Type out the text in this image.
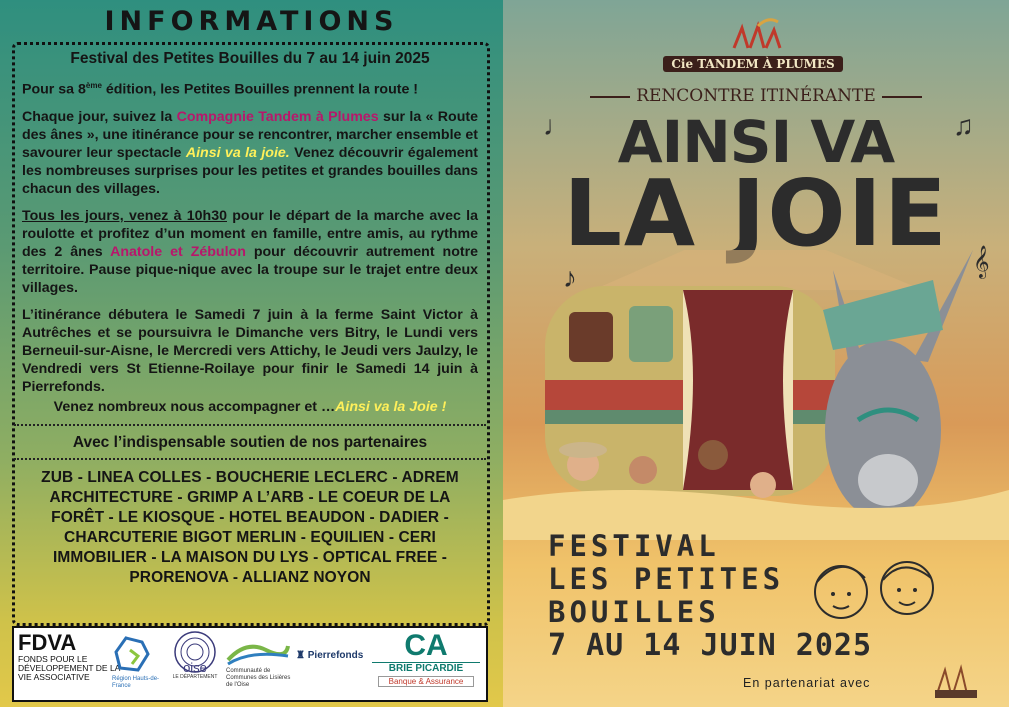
INFORMATIONS

Festival des Petites Bouilles du 7 au 14 juin 2025

Pour sa 8ème édition, les Petites Bouilles prennent la route !

Chaque jour, suivez la Compagnie Tandem à Plumes sur la « Route des ânes », une itinérance pour se rencontrer, marcher ensemble et savourer leur spectacle Ainsi va la joie. Venez découvrir également les nombreuses surprises pour les petites et grandes bouilles dans chacun des villages.

Tous les jours, venez à 10h30 pour le départ de la marche avec la roulotte et profitez d’un moment en famille, entre amis, au rythme des 2 ânes Anatole et Zébulon pour découvrir autrement notre territoire. Pause pique-nique avec la troupe sur le trajet entre deux villages.

L’itinérance débutera le Samedi 7 juin à la ferme Saint Victor à Autrêches et se poursuivra le Dimanche vers Bitry, le Lundi vers Berneuil-sur-Aisne, le Mercredi vers Attichy, le Jeudi vers Jaulzy, le Vendredi vers St Etienne-Roilaye pour finir le Samedi 14 juin à Pierrefonds.

Venez nombreux nous accompagner et …Ainsi va la Joie !

Avec l’indispensable soutien de nos partenaires

ZUB - LINEA COLLES - BOUCHERIE LECLERC - ADREM ARCHITECTURE - GRIMP A L’ARB - LE COEUR DE LA FORÊT - LE KIOSQUE - HOTEL BEAUDON - DADIER - CHARCUTERIE BIGOT MERLIN - EQUILIEN - CERI IMMOBILIER - LA MAISON DU LYS - OPTICAL FREE - PRORENOVA - ALLIANZ NOYON
FDVA
FONDS POUR LE DÉVELOPPEMENT DE LA VIE ASSOCIATIVE	Région Hauts-de-France
oise
LE DÉPARTEMENT
Communauté de Communes des Lisières de l'Oise
♜ Pierrefonds	CA
BRIE PICARDIE
Banque & Assurance
Cie TANDEM À PLUMES
RENCONTRE ITINÉRANTE
AINSI VA
LA JOIE
♩	♫
♪
𝄞
FESTIVAL
LES PETITES
BOUILLES
7 AU 14 JUIN 2025
En partenariat avec
